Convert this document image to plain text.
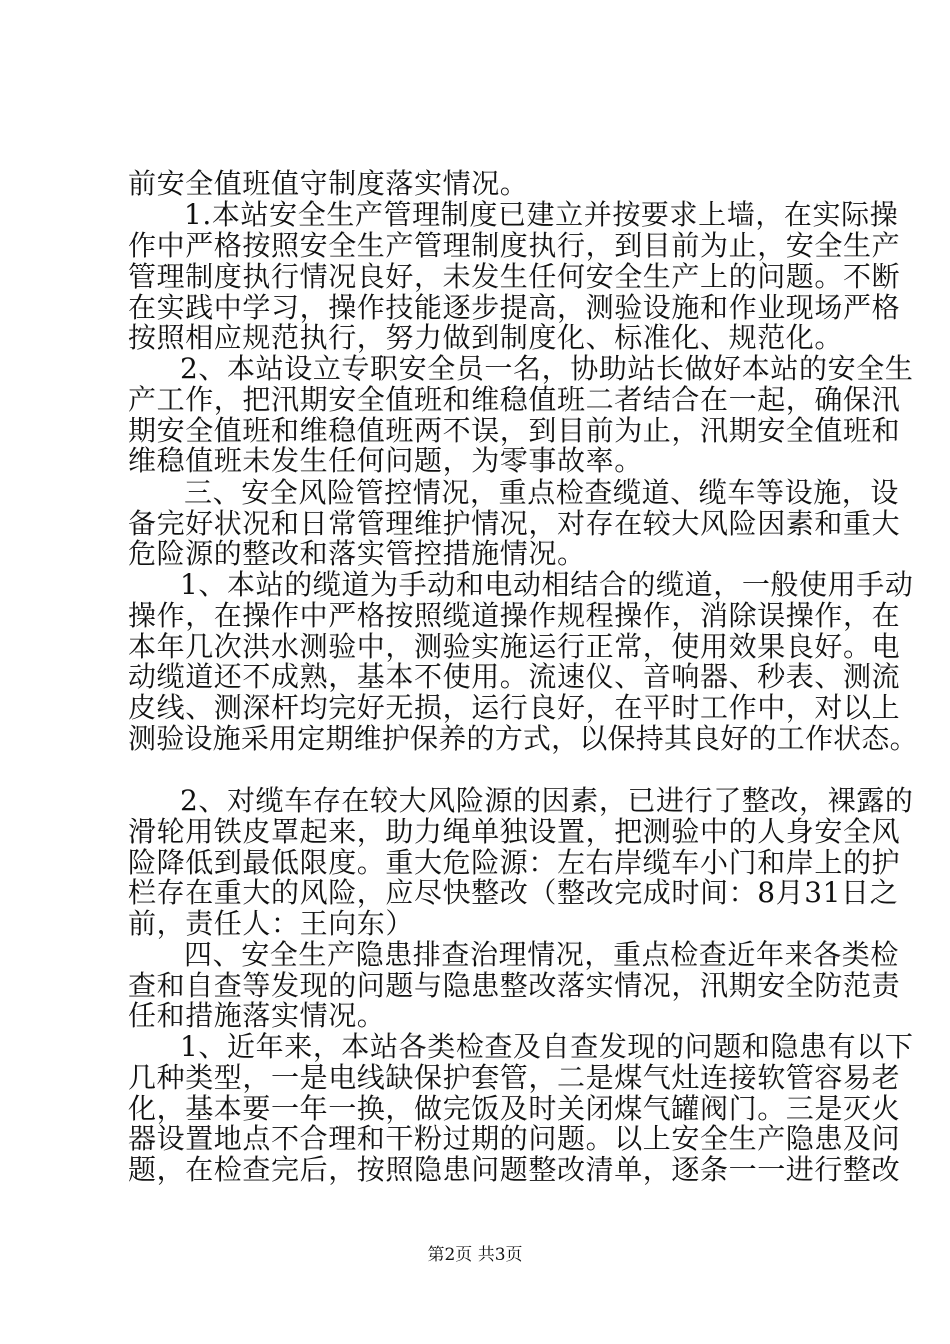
前安全值班值守制度落实情况。
1.本站安全生产管理制度已建立并按要求上墙，在实际操
作中严格按照安全生产管理制度执行，到目前为止，安全生产
管理制度执行情况良好，未发生任何安全生产上的问题。不断
在实践中学习，操作技能逐步提高，测验设施和作业现场严格
按照相应规范执行，努力做到制度化、标准化、规范化。
2、本站设立专职安全员一名，协助站长做好本站的安全生
产工作，把汛期安全值班和维稳值班二者结合在一起，确保汛
期安全值班和维稳值班两不误，到目前为止，汛期安全值班和
维稳值班未发生任何问题，为零事故率。
三、安全风险管控情况，重点检查缆道、缆车等设施，设
备完好状况和日常管理维护情况，对存在较大风险因素和重大
危险源的整改和落实管控措施情况。
1、本站的缆道为手动和电动相结合的缆道，一般使用手动
操作，在操作中严格按照缆道操作规程操作，消除误操作，在
本年几次洪水测验中，测验实施运行正常，使用效果良好。电
动缆道还不成熟，基本不使用。流速仪、音响器、秒表、测流
皮线、测深杆均完好无损，运行良好，在平时工作中，对以上
测验设施采用定期维护保养的方式，以保持其良好的工作状态。
2、对缆车存在较大风险源的因素，已进行了整改，裸露的
滑轮用铁皮罩起来，助力绳单独设置，把测验中的人身安全风
险降低到最低限度。重大危险源：左右岸缆车小门和岸上的护
栏存在重大的风险，应尽快整改（整改完成时间：8月31日之
前，责任人：王向东）
四、安全生产隐患排查治理情况，重点检查近年来各类检
查和自查等发现的问题与隐患整改落实情况，汛期安全防范责
任和措施落实情况。
1、近年来，本站各类检查及自查发现的问题和隐患有以下
几种类型，一是电线缺保护套管，二是煤气灶连接软管容易老
化，基本要一年一换，做完饭及时关闭煤气罐阀门。三是灭火
器设置地点不合理和干粉过期的问题。以上安全生产隐患及问
题，在检查完后，按照隐患问题整改清单，逐条一一进行整改
第2页 共3页
